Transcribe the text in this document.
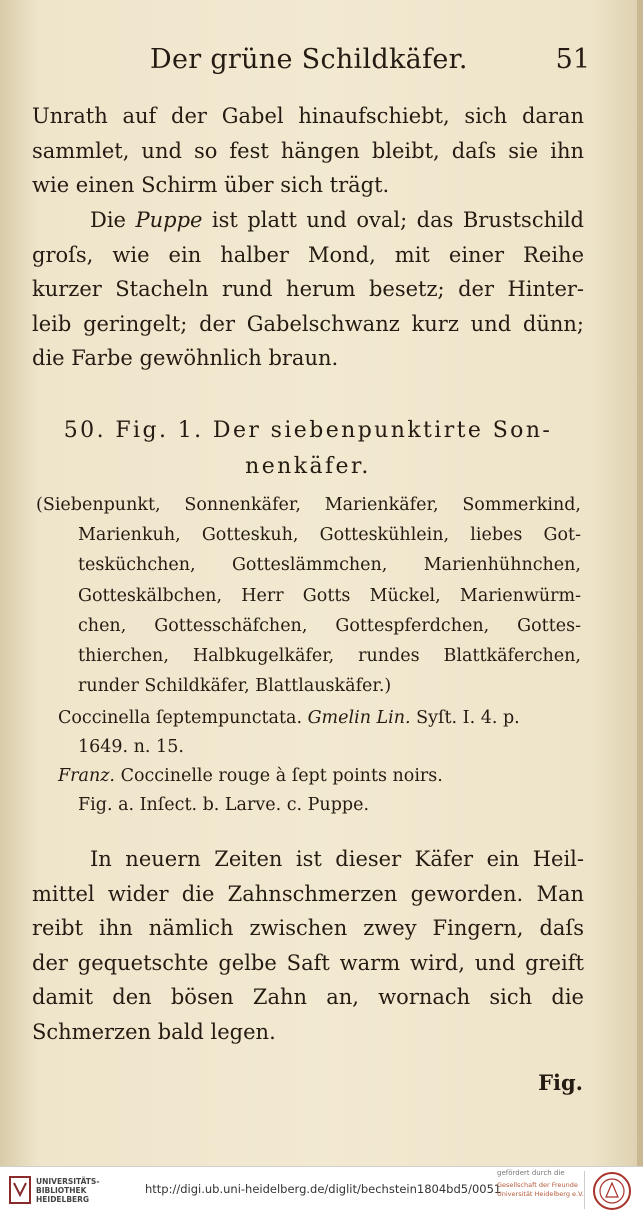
Der grüne Schildkäfer.	51
Unrath auf der Gabel hinaufschiebt, sich daran
sammlet, und so fest hängen bleibt, daſs sie ihn
wie einen Schirm über sich trägt.
Die Puppe ist platt und oval; das Brustschild
groſs, wie ein halber Mond, mit einer Reihe
kurzer Stacheln rund herum besetz; der Hinter-
leib geringelt; der Gabelschwanz kurz und dünn;
die Farbe gewöhnlich braun.
50. Fig. 1. Der siebenpunktirte Son-
nenkäfer.
(Siebenpunkt, Sonnenkäfer, Marienkäfer, Sommerkind,
Marienkuh, Gotteskuh, Gotteskühlein, liebes Got-
tesküchchen, Gotteslämmchen, Marienhühnchen,
Gotteskälbchen, Herr Gotts Mückel, Marienwürm-
chen, Gottesschäfchen, Gottespferdchen, Gottes-
thierchen, Halbkugelkäfer, rundes Blattkäferchen,
runder Schildkäfer, Blattlauskäfer.)
Coccinella ſeptempunctata. Gmelin Lin. Syſt. I. 4. p.
1649. n. 15.
Franz. Coccinelle rouge à ſept points noirs.
Fig. a. Inſect. b. Larve. c. Puppe.
In neuern Zeiten ist dieser Käfer ein Heil-
mittel wider die Zahnschmerzen geworden. Man
reibt ihn nämlich zwischen zwey Fingern, daſs
der gequetschte gelbe Saft warm wird, und greift
damit den bösen Zahn an, wornach sich die
Schmerzen bald legen.
Fig.
UNIVERSITÄTS-
BIBLIOTHEK
HEIDELBERG
http://digi.ub.uni-heidelberg.de/diglit/bechstein1804bd5/0051
gefördert durch die
Gesellschaft der Freunde
Universität Heidelberg e.V.
